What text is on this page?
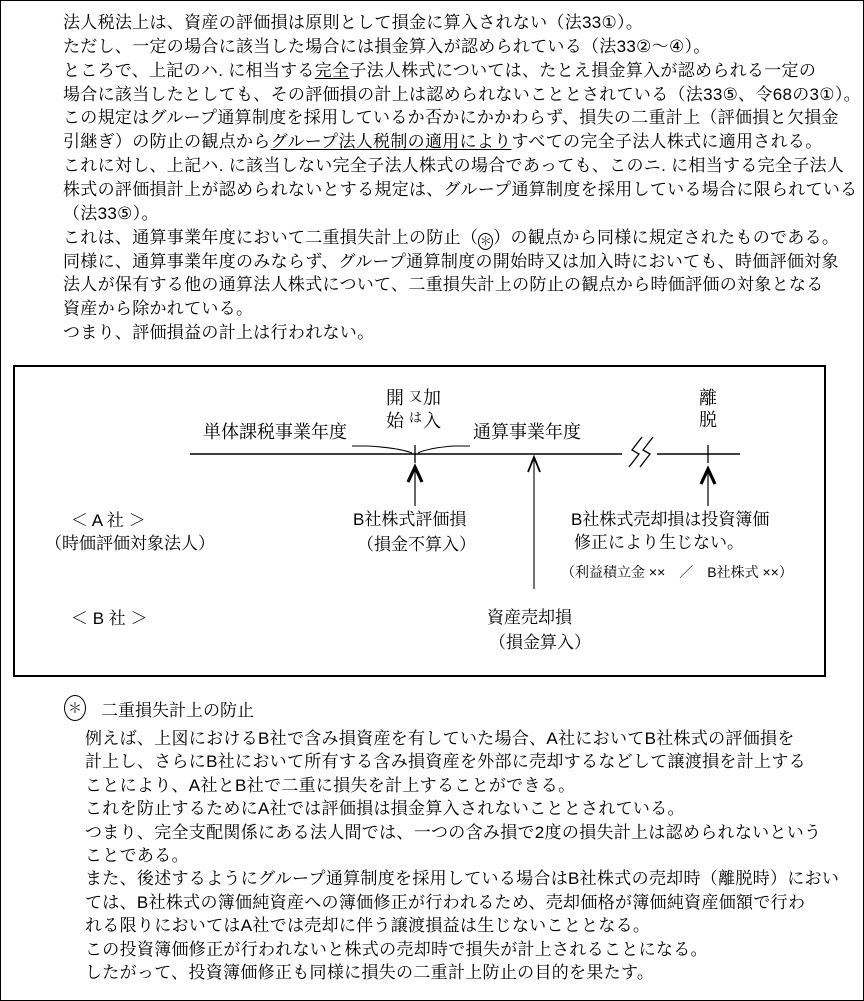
法人税法上は、資産の評価損は原則として損金に算入されない（法33①）。
ただし、一定の場合に該当した場合には損金算入が認められている（法33②～④）。
ところで、上記のハ. に相当する完全子法人株式については、たとえ損金算入が認められる一定の
場合に該当したとしても、その評価損の計上は認められないこととされている（法33⑤、令68の3①）。
この規定はグループ通算制度を採用しているか否かにかかわらず、損失の二重計上（評価損と欠損金
引継ぎ）の防止の観点からグループ法人税制の適用によりすべての完全子法人株式に適用される。
これに対し、上記ハ. に該当しない完全子法人株式の場合であっても、このニ. に相当する完全子法人
株式の評価損計上が認められないとする規定は、グループ通算制度を採用している場合に限られている
（法33⑤）。
これは、通算事業年度において二重損失計上の防止（＊）の観点から同様に規定されたものである。
同様に、通算事業年度のみならず、グループ通算制度の開始時又は加入時においても、時価評価対象
法人が保有する他の通算法人株式について、二重損失計上の防止の観点から時価評価の対象となる
資産から除かれている。
つまり、評価損益の計上は行われない。
単体課税事業年度	通算事業年度
開
始
又
は
加
入
離
脱
＜ A 社 ＞
（時価評価対象法人）
＜ B 社 ＞
B社株式評価損
（損金不算入）
B社株式売却損は投資簿価
修正により生じない。
（利益積立金 ××　／　B社株式 ××）
資産売却損
（損金算入）
＊ 二重損失計上の防止
例えば、上図におけるB社で含み損資産を有していた場合、A社においてB社株式の評価損を
計上し、さらにB社において所有する含み損資産を外部に売却するなどして譲渡損を計上する
ことにより、A社とB社で二重に損失を計上することができる。
これを防止するためにA社では評価損は損金算入されないこととされている。
つまり、完全支配関係にある法人間では、一つの含み損で2度の損失計上は認められないという
ことである。
また、後述するようにグループ通算制度を採用している場合はB社株式の売却時（離脱時）におい
ては、B社株式の簿価純資産への簿価修正が行われるため、売却価格が簿価純資産価額で行わ
れる限りにおいてはA社では売却に伴う譲渡損益は生じないこととなる。
この投資簿価修正が行われないと株式の売却時で損失が計上されることになる。
したがって、投資簿価修正も同様に損失の二重計上防止の目的を果たす。
